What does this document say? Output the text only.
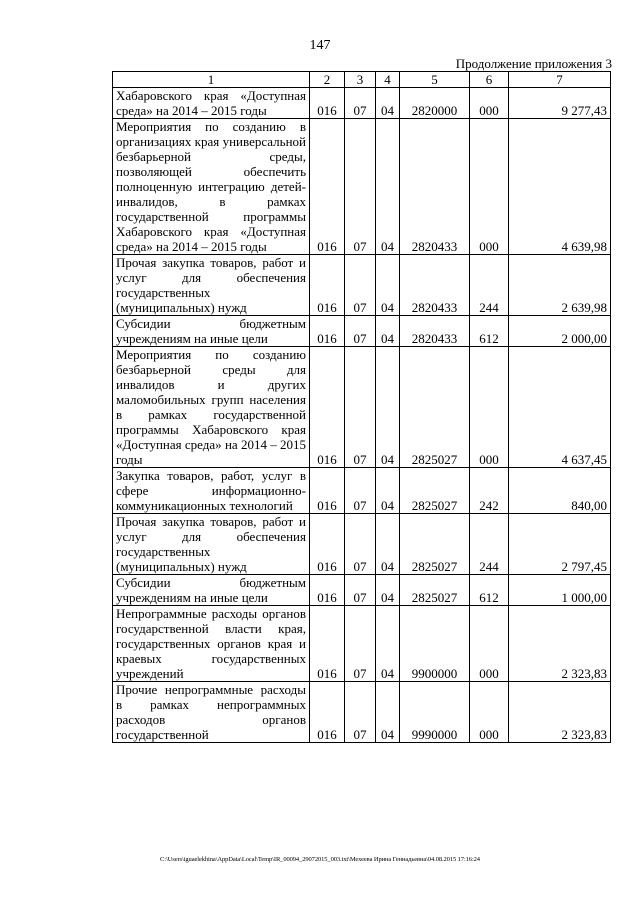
147
Продолжение приложения 3
1	2	3	4	5	6	7
Хабаровского края «Доступная среда» на 2014 – 2015 годы	016	07	04	2820000	000	9 277,43
Мероприятия по созданию в организациях края универсальной безбарьерной среды, позволяющей обеспечить полноценную интеграцию детей-инвалидов, в рамках государственной программы Хабаровского края «Доступная среда» на 2014 – 2015 годы	016	07	04	2820433	000	4 639,98
Прочая закупка товаров, работ и услуг для обеспечения государственных (муниципальных) нужд	016	07	04	2820433	244	2 639,98
Субсидии бюджетным учреждениям на иные цели	016	07	04	2820433	612	2 000,00
Мероприятия по созданию безбарьерной среды для инвалидов и других маломобильных групп населения в рамках государственной программы Хабаровского края «Доступная среда» на 2014 – 2015 годы	016	07	04	2825027	000	4 637,45
Закупка товаров, работ, услуг в сфере информационно-коммуникационных технологий	016	07	04	2825027	242	840,00
Прочая закупка товаров, работ и услуг для обеспечения государственных (муниципальных) нужд	016	07	04	2825027	244	2 797,45
Субсидии бюджетным учреждениям на иные цели	016	07	04	2825027	612	1 000,00
Непрограммные расходы органов государственной власти края, государственных органов края и краевых государственных учреждений	016	07	04	9900000	000	2 323,83
Прочие непрограммные расходы в рамках непрограммных расходов органов государственной	016	07	04	9990000	000	2 323,83
C:\Users\iguaelekhina\AppData\Local\Temp\IR_00094_29072015_003.txt\Мехеева Ирина Геннадьевна\04.08.2015 17:16:24
